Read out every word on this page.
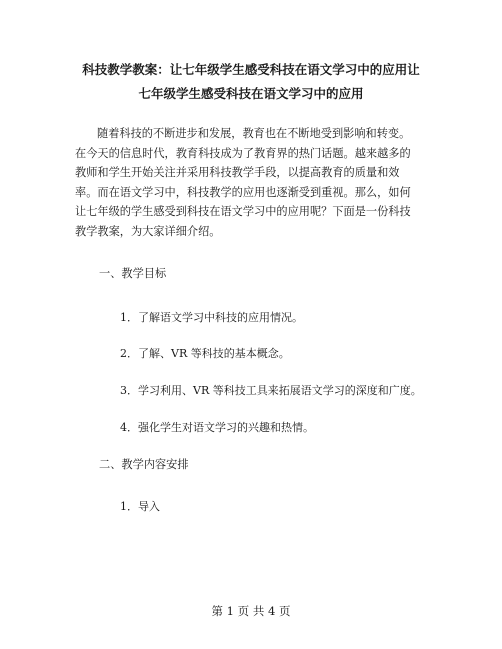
科技教学教案：让七年级学生感受科技在语文学习中的应用让
七年级学生感受科技在语文学习中的应用
随着科技的不断进步和发展，教育也在不断地受到影响和转变。
在今天的信息时代，教育科技成为了教育界的热门话题。越来越多的
教师和学生开始关注并采用科技教学手段，以提高教育的质量和效
率。而在语文学习中，科技教学的应用也逐渐受到重视。那么，如何
让七年级的学生感受到科技在语文学习中的应用呢？下面是一份科技
教学教案，为大家详细介绍。
一、教学目标
1．了解语文学习中科技的应用情况。
2．了解、VR 等科技的基本概念。
3．学习利用、VR 等科技工具来拓展语文学习的深度和广度。
4．强化学生对语文学习的兴趣和热情。
二、教学内容安排
1．导入
第 1 页 共 4 页
